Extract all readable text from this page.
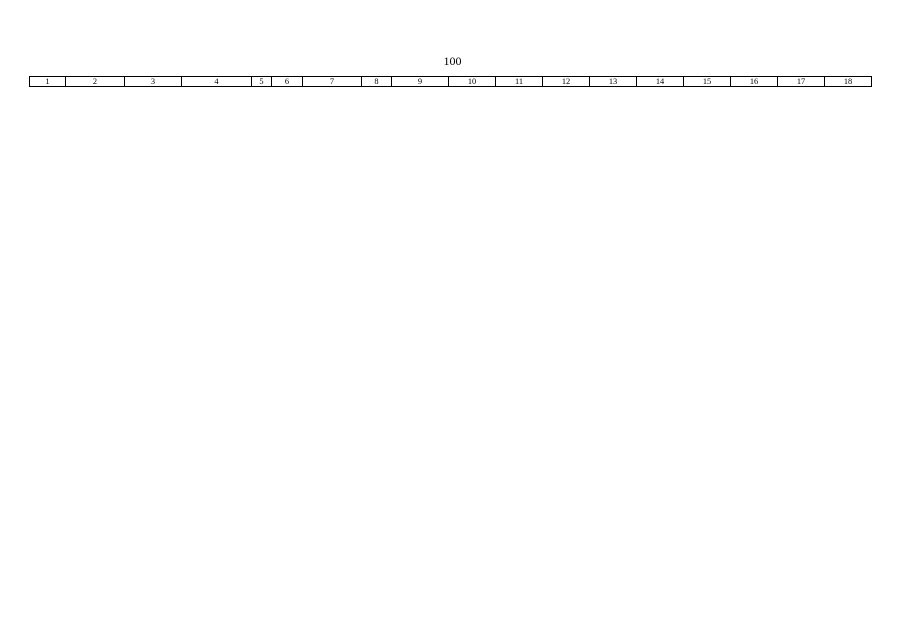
100
1	2	3	4	5	6	7	8	9	10	11	12	13	14	15	16	17	18
